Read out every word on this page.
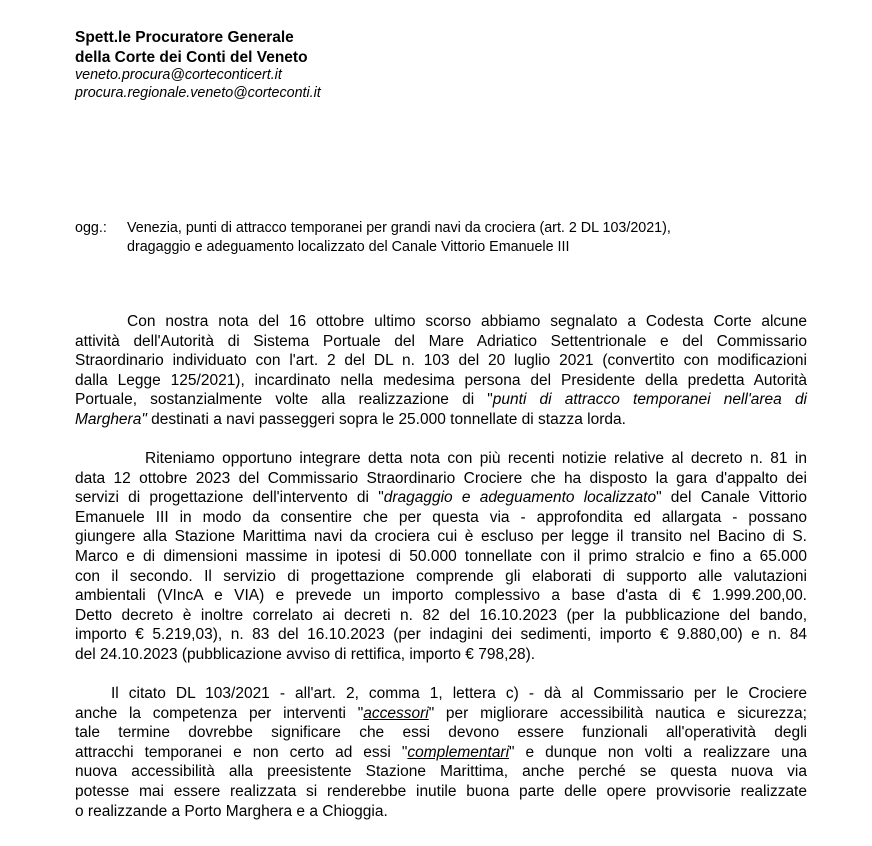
Spett.le Procuratore Generale
della Corte dei Conti del Veneto
veneto.procura@corteconticert.it
procura.regionale.veneto@corteconti.it
ogg.: Venezia, punti di attracco temporanei per grandi navi da crociera (art. 2 DL 103/2021),
dragaggio e adeguamento localizzato del Canale Vittorio Emanuele III
Con nostra nota del 16 ottobre ultimo scorso abbiamo segnalato a Codesta Corte alcune
attività dell'Autorità di Sistema Portuale del Mare Adriatico Settentrionale e del Commissario
Straordinario individuato con l'art. 2 del DL n. 103 del 20 luglio 2021 (convertito con modificazioni
dalla Legge 125/2021), incardinato nella medesima persona del Presidente della predetta Autorità
Portuale, sostanzialmente volte alla realizzazione di "punti di attracco temporanei nell'area di
Marghera" destinati a navi passeggeri sopra le 25.000 tonnellate di stazza lorda.
Riteniamo opportuno integrare detta nota con più recenti notizie relative al decreto n. 81 in
data 12 ottobre 2023 del Commissario Straordinario Crociere che ha disposto la gara d'appalto dei
servizi di progettazione dell'intervento di "dragaggio e adeguamento localizzato" del Canale Vittorio
Emanuele III in modo da consentire che per questa via - approfondita ed allargata - possano
giungere alla Stazione Marittima navi da crociera cui è escluso per legge il transito nel Bacino di S.
Marco e di dimensioni massime in ipotesi di 50.000 tonnellate con il primo stralcio e fino a 65.000
con il secondo. Il servizio di progettazione comprende gli elaborati di supporto alle valutazioni
ambientali (VIncA e VIA) e prevede un importo complessivo a base d'asta di € 1.999.200,00.
Detto decreto è inoltre correlato ai decreti n. 82 del 16.10.2023 (per la pubblicazione del bando,
importo € 5.219,03), n. 83 del 16.10.2023 (per indagini dei sedimenti, importo € 9.880,00) e n. 84
del 24.10.2023 (pubblicazione avviso di rettifica, importo € 798,28).
Il citato DL 103/2021 - all'art. 2, comma 1, lettera c) - dà al Commissario per le Crociere
anche la competenza per interventi "accessori" per migliorare accessibilità nautica e sicurezza;
tale termine dovrebbe significare che essi devono essere funzionali all'operatività degli
attracchi temporanei e non certo ad essi "complementari" e dunque non volti a realizzare una
nuova accessibilità alla preesistente Stazione Marittima, anche perché se questa nuova via
potesse mai essere realizzata si renderebbe inutile buona parte delle opere provvisorie realizzate
o realizzande a Porto Marghera e a Chioggia.
